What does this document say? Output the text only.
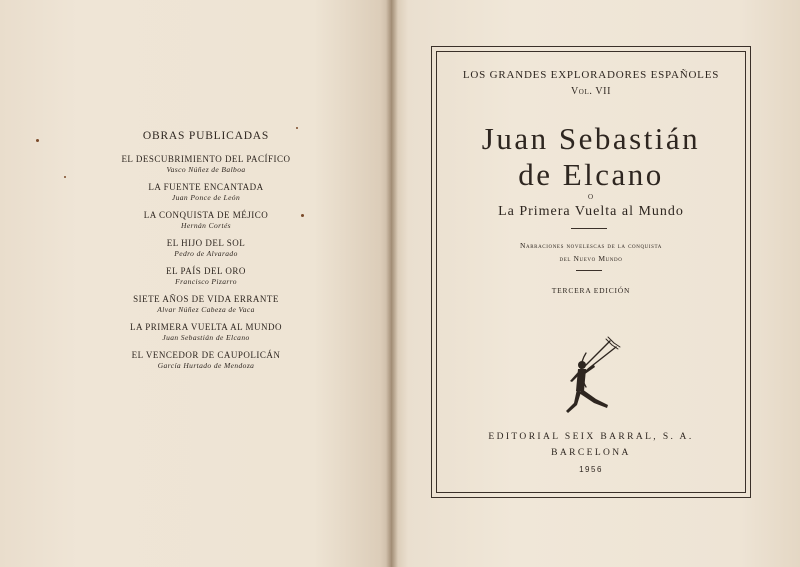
OBRAS PUBLICADAS
EL DESCUBRIMIENTO DEL PACÍFICO
Vasco Núñez de Balboa
LA FUENTE ENCANTADA
Juan Ponce de León
LA CONQUISTA DE MÉJICO
Hernán Cortés
EL HIJO DEL SOL
Pedro de Alvarado
EL PAÍS DEL ORO
Francisco Pizarro
SIETE AÑOS DE VIDA ERRANTE
Alvar Núñez Cabeza de Vaca
LA PRIMERA VUELTA AL MUNDO
Juan Sebastián de Elcano
EL VENCEDOR DE CAUPOLICÁN
García Hurtado de Mendoza
LOS GRANDES EXPLORADORES ESPAÑOLES
Vol. VII
Juan Sebastián
de Elcano
O
La Primera Vuelta al Mundo
Narraciones novelescas de la conquista
del Nuevo Mundo
TERCERA EDICIÓN
EDITORIAL SEIX BARRAL, S. A.
BARCELONA
1956
